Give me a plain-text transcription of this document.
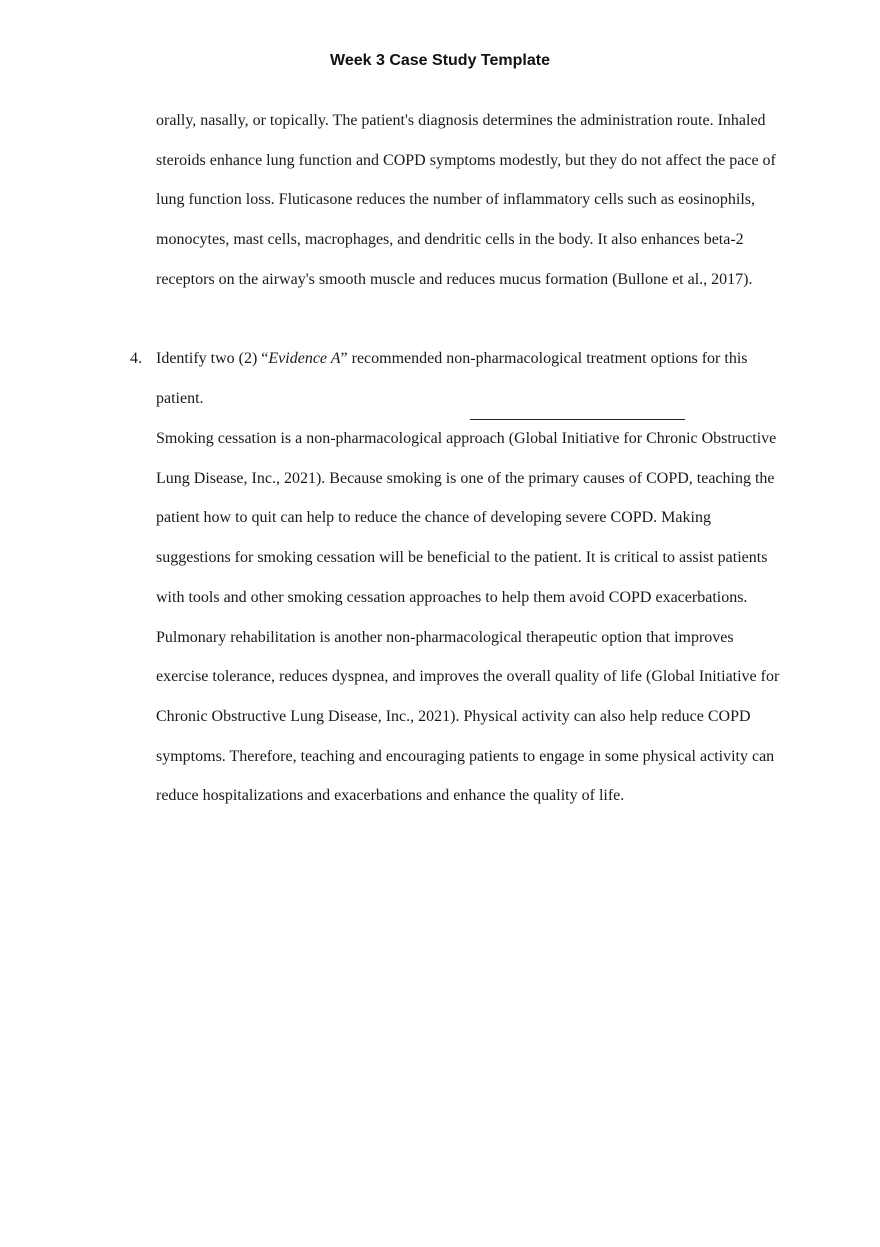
Week 3 Case Study Template

orally, nasally, or topically. The patient's diagnosis determines the administration route. Inhaled steroids enhance lung function and COPD symptoms modestly, but they do not affect the pace of lung function loss. Fluticasone reduces the number of inflammatory cells such as eosinophils, monocytes, mast cells, macrophages, and dendritic cells in the body. It also enhances beta-2 receptors on the airway's smooth muscle and reduces mucus formation (Bullone et al., 2017).

4. Identify two (2) “Evidence A” recommended non-pharmacological treatment options for this patient.

Smoking cessation is a non-pharmacological approach (Global Initiative for Chronic Obstructive Lung Disease, Inc., 2021). Because smoking is one of the primary causes of COPD, teaching the patient how to quit can help to reduce the chance of developing severe COPD. Making suggestions for smoking cessation will be beneficial to the patient. It is critical to assist patients with tools and other smoking cessation approaches to help them avoid COPD exacerbations. Pulmonary rehabilitation is another non-pharmacological therapeutic option that improves exercise tolerance, reduces dyspnea, and improves the overall quality of life (Global Initiative for Chronic Obstructive Lung Disease, Inc., 2021). Physical activity can also help reduce COPD symptoms. Therefore, teaching and encouraging patients to engage in some physical activity can reduce hospitalizations and exacerbations and enhance the quality of life.
